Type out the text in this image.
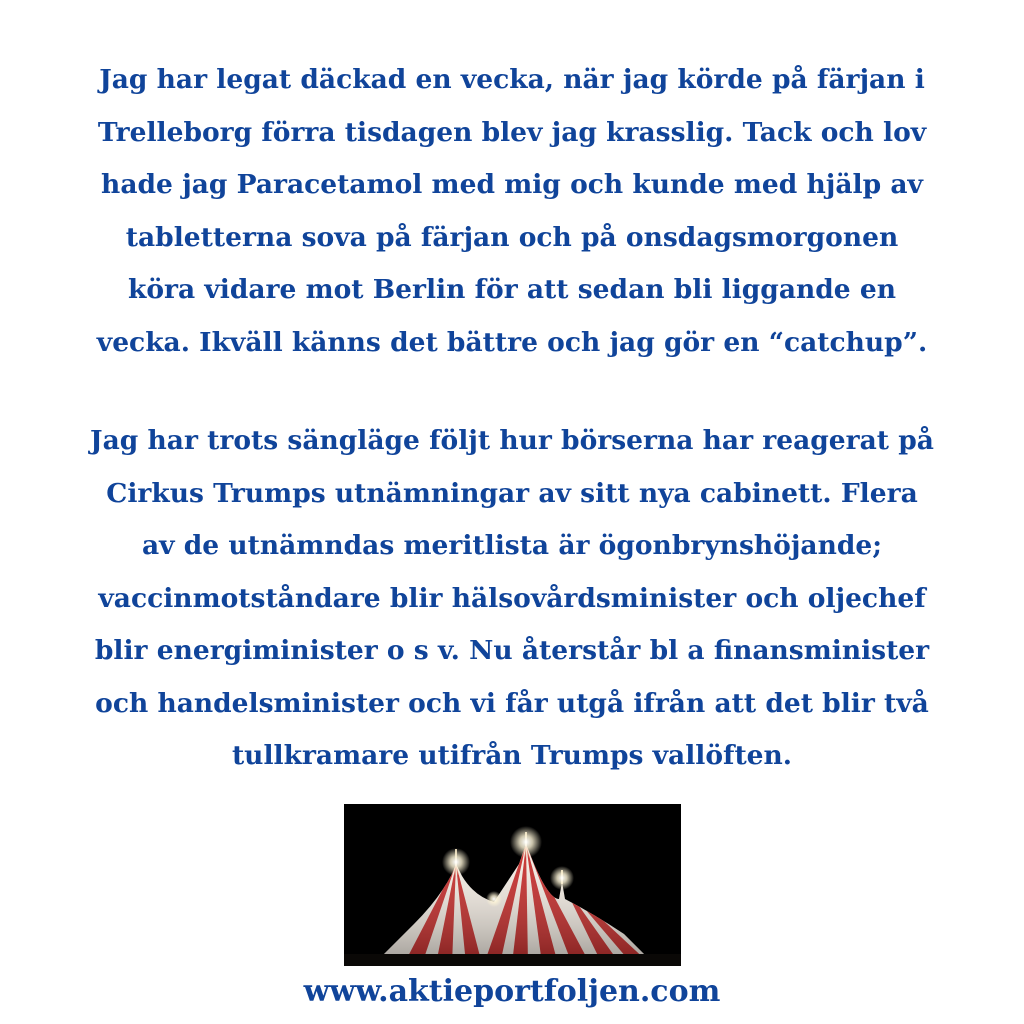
Jag har legat däckad en vecka, när jag körde på färjan i
Trelleborg förra tisdagen blev jag krasslig. Tack och lov
hade jag Paracetamol med mig och kunde med hjälp av
tabletterna sova på färjan och på onsdagsmorgonen
köra vidare mot Berlin för att sedan bli liggande en
vecka. Ikväll känns det bättre och jag gör en “catchup”.

Jag har trots sängläge följt hur börserna har reagerat på
Cirkus Trumps utnämningar av sitt nya cabinett. Flera
av de utnämndas meritlista är ögonbrynshöjande;
vaccinmotståndare blir hälsovårdsminister och oljechef
blir energiminister o s v. Nu återstår bl a finansminister
och handelsminister och vi får utgå ifrån att det blir två
tullkramare utifrån Trumps vallöften.

www.aktieportfoljen.com
